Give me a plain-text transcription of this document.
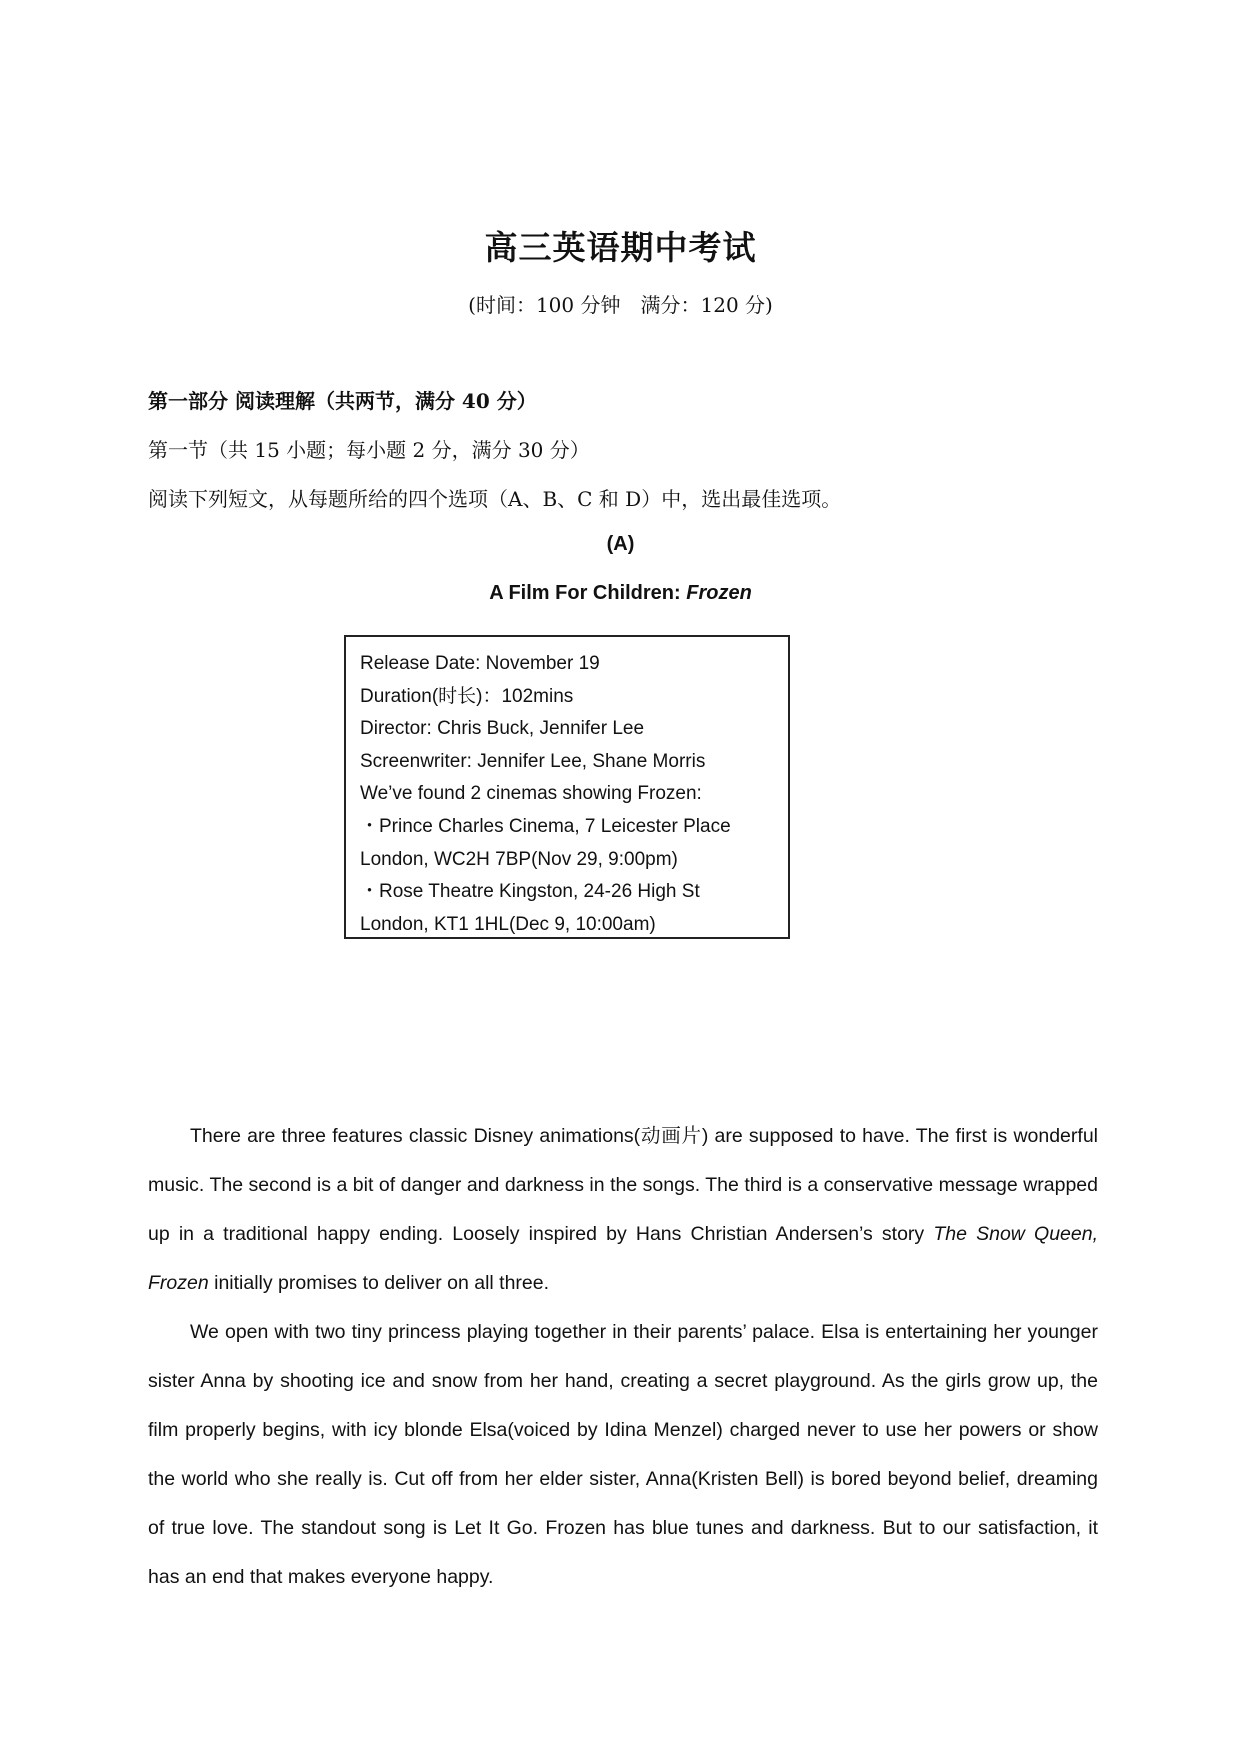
高三英语期中考试
(时间：100 分钟　满分：120 分)
第一部分 阅读理解（共两节，满分 40 分）
第一节（共 15 小题；每小题 2 分，满分 30 分）
阅读下列短文，从每题所给的四个选项（A、B、C 和 D）中，选出最佳选项。
(A)
A Film For Children: Frozen
Release Date: November 19
Duration(时长)：102mins
Director: Chris Buck, Jennifer Lee
Screenwriter: Jennifer Lee, Shane Morris
We’ve found 2 cinemas showing Frozen:
・Prince Charles Cinema, 7 Leicester Place
London, WC2H 7BP(Nov 29, 9:00pm)
・Rose Theatre Kingston, 24-26 High St
London, KT1 1HL(Dec 9, 10:00am)

There are three features classic Disney animations(动画片) are supposed to have. The first is wonderful music. The second is a bit of danger and darkness in the songs. The third is a conservative message wrapped up in a traditional happy ending. Loosely inspired by Hans Christian Andersen’s story The Snow Queen, Frozen initially promises to deliver on all three.

We open with two tiny princess playing together in their parents’ palace. Elsa is entertaining her younger sister Anna by shooting ice and snow from her hand, creating a secret playground. As the girls grow up, the film properly begins, with icy blonde Elsa(voiced by Idina Menzel) charged never to use her powers or show the world who she really is. Cut off from her elder sister, Anna(Kristen Bell) is bored beyond belief, dreaming of true love. The standout song is Let It Go. Frozen has blue tunes and darkness. But to our satisfaction, it has an end that makes everyone happy.
